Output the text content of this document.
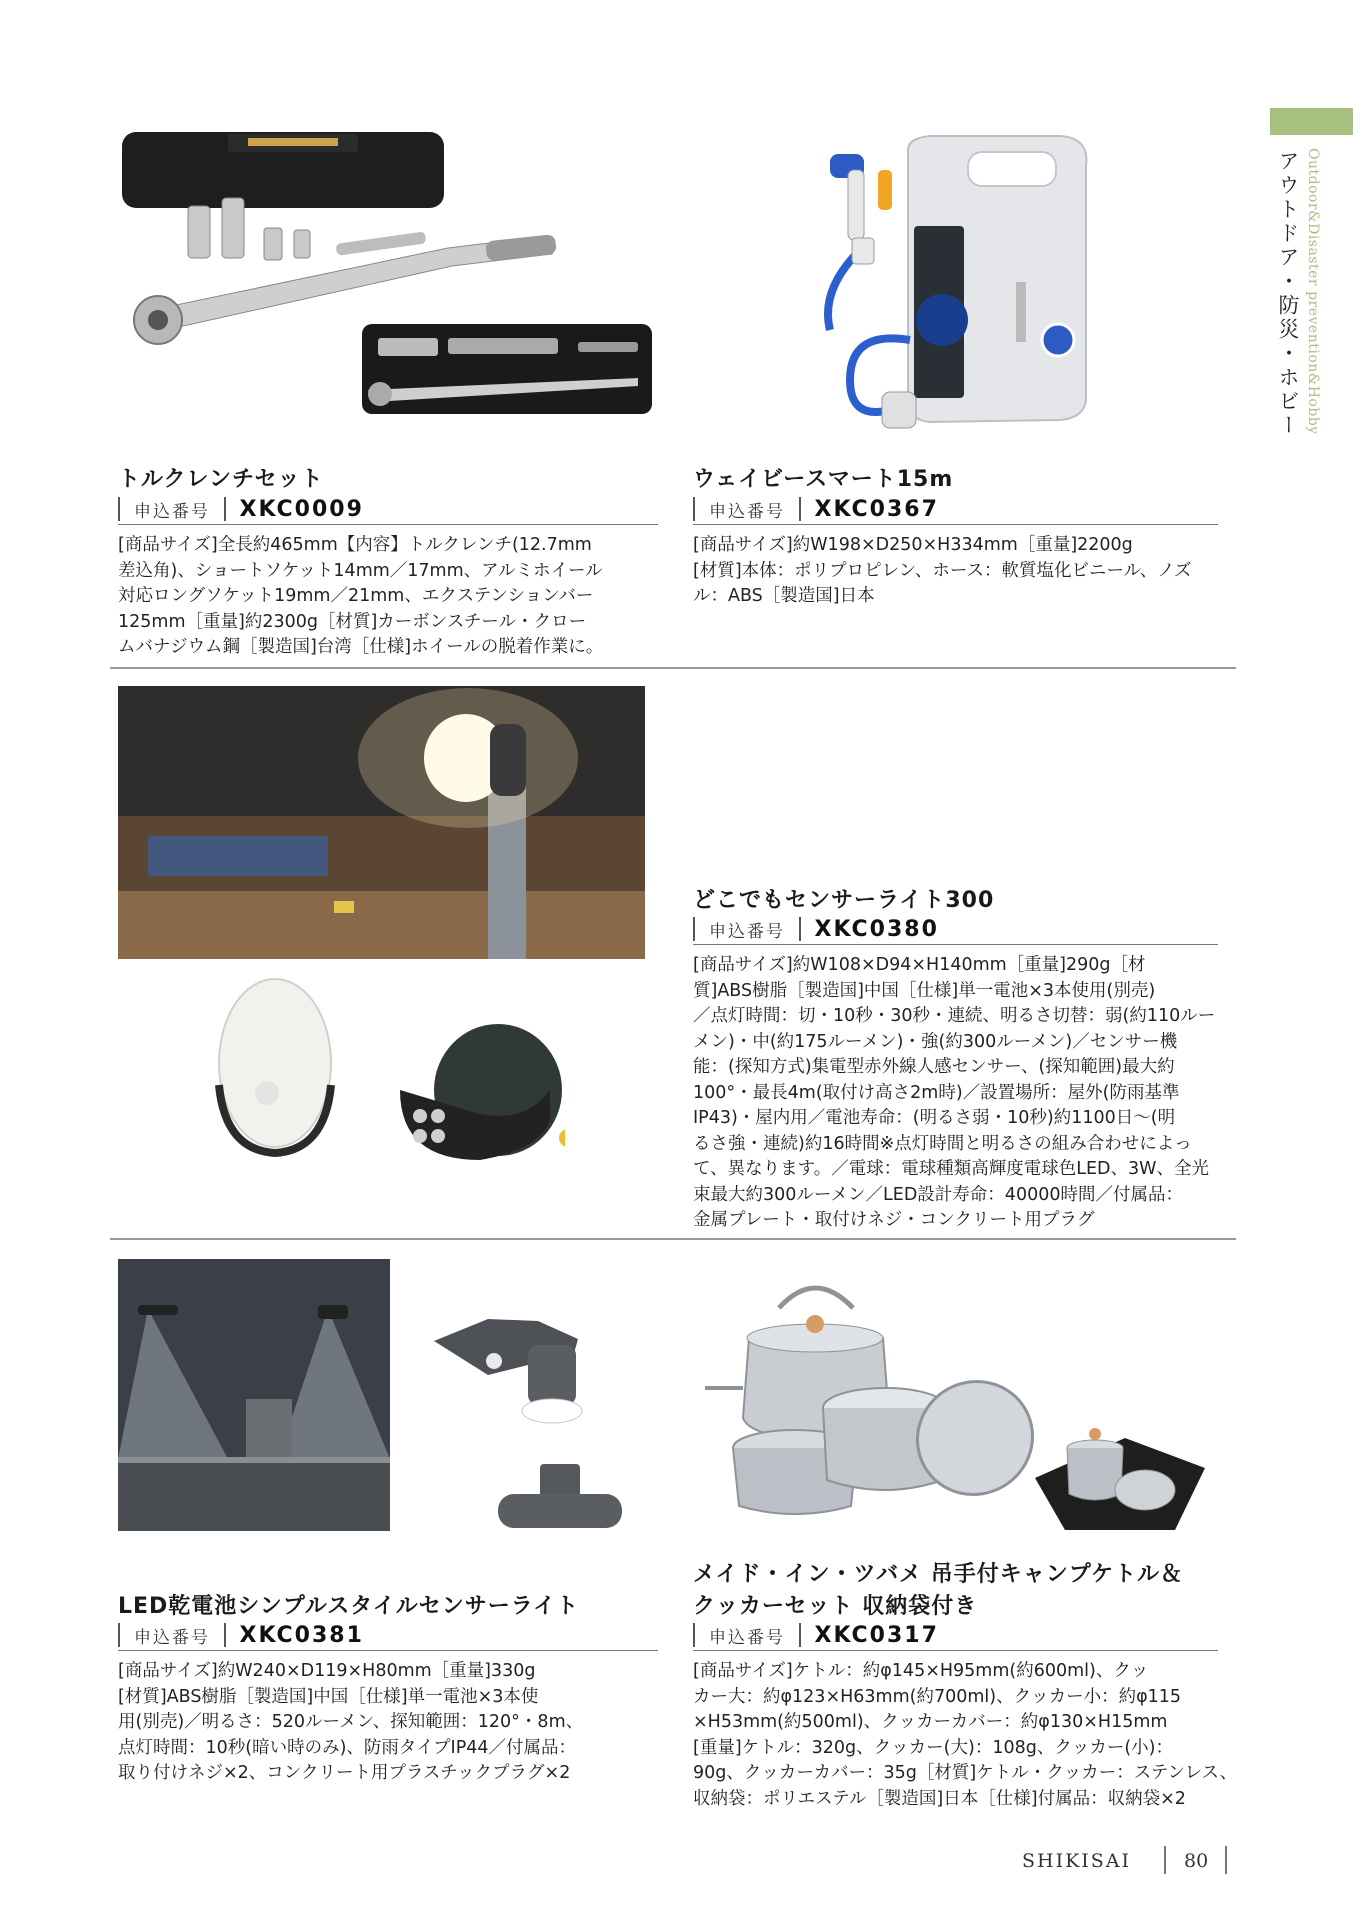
Outdoor&Disaster prevention&Hobby
アウトドア・防災・ホビー
トルクレンチセット
申込番号 XKC0009
[商品サイズ]全長約465mm【内容】トルクレンチ(12.7mm
差込角)、ショートソケット14mm／17mm、アルミホイール
対応ロングソケット19mm／21mm、エクステンションバー
125mm［重量]約2300g［材質]カーボンスチール・クロー
ムバナジウム鋼［製造国]台湾［仕様]ホイールの脱着作業に。
ウェイビースマート15m
申込番号 XKC0367
[商品サイズ]約W198×D250×H334mm［重量]2200g
[材質]本体：ポリプロピレン、ホース：軟質塩化ビニール、ノズ
ル：ABS［製造国]日本
どこでもセンサーライト300
申込番号 XKC0380
[商品サイズ]約W108×D94×H140mm［重量]290g［材
質]ABS樹脂［製造国]中国［仕様]単一電池×3本使用(別売)
／点灯時間：切・10秒・30秒・連続、明るさ切替：弱(約110ルー
メン)・中(約175ルーメン)・強(約300ルーメン)／センサー機
能：(探知方式)集電型赤外線人感センサー、(探知範囲)最大約
100°・最長4m(取付け高さ2m時)／設置場所：屋外(防雨基準
IP43)・屋内用／電池寿命：(明るさ弱・10秒)約1100日～(明
るさ強・連続)約16時間※点灯時間と明るさの組み合わせによっ
て、異なります。／電球：電球種類高輝度電球色LED、3W、全光
束最大約300ルーメン／LED設計寿命：40000時間／付属品：
金属プレート・取付けネジ・コンクリート用プラグ
LED乾電池シンプルスタイルセンサーライト
申込番号 XKC0381
[商品サイズ]約W240×D119×H80mm［重量]330g
[材質]ABS樹脂［製造国]中国［仕様]単一電池×3本使
用(別売)／明るさ：520ルーメン、探知範囲：120°・8m、
点灯時間：10秒(暗い時のみ)、防雨タイプIP44／付属品：
取り付けネジ×2、コンクリート用プラスチックプラグ×2
メイド・イン・ツバメ 吊手付キャンプケトル＆
クッカーセット 収納袋付き
申込番号 XKC0317
[商品サイズ]ケトル：約φ145×H95mm(約600ml)、クッ
カー大：約φ123×H63mm(約700ml)、クッカー小：約φ115
×H53mm(約500ml)、クッカーカバー：約φ130×H15mm
[重量]ケトル：320g、クッカー(大)：108g、クッカー(小)：
90g、クッカーカバー：35g［材質]ケトル・クッカー：ステンレス、
収納袋：ポリエステル［製造国]日本［仕様]付属品：収納袋×2
SHIKISAI	80
